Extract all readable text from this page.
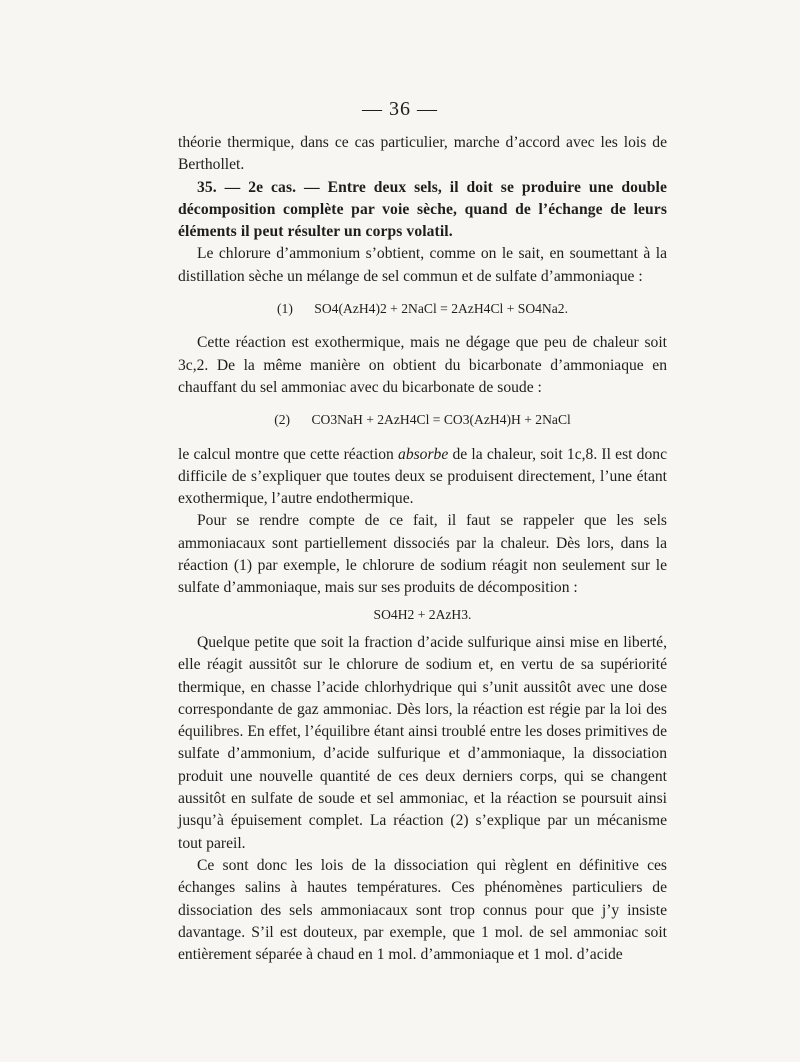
— 36 —

théorie thermique, dans ce cas particulier, marche d’accord avec les lois de Berthollet.

35. — 2e cas. — Entre deux sels, il doit se produire une double décomposition complète par voie sèche, quand de l’échange de leurs éléments il peut résulter un corps volatil.

Le chlorure d’ammonium s’obtient, comme on le sait, en soumettant à la distillation sèche un mélange de sel commun et de sulfate d’ammoniaque :

(1) SO4(AzH4)2 + 2NaCl = 2AzH4Cl + SO4Na2.

Cette réaction est exothermique, mais ne dégage que peu de chaleur soit 3c,2. De la même manière on obtient du bicarbonate d’ammoniaque en chauffant du sel ammoniac avec du bicarbonate de soude :

(2) CO3NaH + 2AzH4Cl = CO3(AzH4)H + 2NaCl

le calcul montre que cette réaction absorbe de la chaleur, soit 1c,8. Il est donc difficile de s’expliquer que toutes deux se produisent directement, l’une étant exothermique, l’autre endothermique.

Pour se rendre compte de ce fait, il faut se rappeler que les sels ammoniacaux sont partiellement dissociés par la chaleur. Dès lors, dans la réaction (1) par exemple, le chlorure de sodium réagit non seulement sur le sulfate d’ammoniaque, mais sur ses produits de décomposition :

SO4H2 + 2AzH3.

Quelque petite que soit la fraction d’acide sulfurique ainsi mise en liberté, elle réagit aussitôt sur le chlorure de sodium et, en vertu de sa supériorité thermique, en chasse l’acide chlorhydrique qui s’unit aussitôt avec une dose correspondante de gaz ammoniac. Dès lors, la réaction est régie par la loi des équilibres. En effet, l’équilibre étant ainsi troublé entre les doses primitives de sulfate d’ammonium, d’acide sulfurique et d’ammoniaque, la dissociation produit une nouvelle quantité de ces deux derniers corps, qui se changent aussitôt en sulfate de soude et sel ammoniac, et la réaction se poursuit ainsi jusqu’à épuisement complet. La réaction (2) s’explique par un mécanisme tout pareil.

Ce sont donc les lois de la dissociation qui règlent en définitive ces échanges salins à hautes températures. Ces phénomènes particuliers de dissociation des sels ammoniacaux sont trop connus pour que j’y insiste davantage. S’il est douteux, par exemple, que 1 mol. de sel ammoniac soit entièrement séparée à chaud en 1 mol. d’ammoniaque et 1 mol. d’acide
